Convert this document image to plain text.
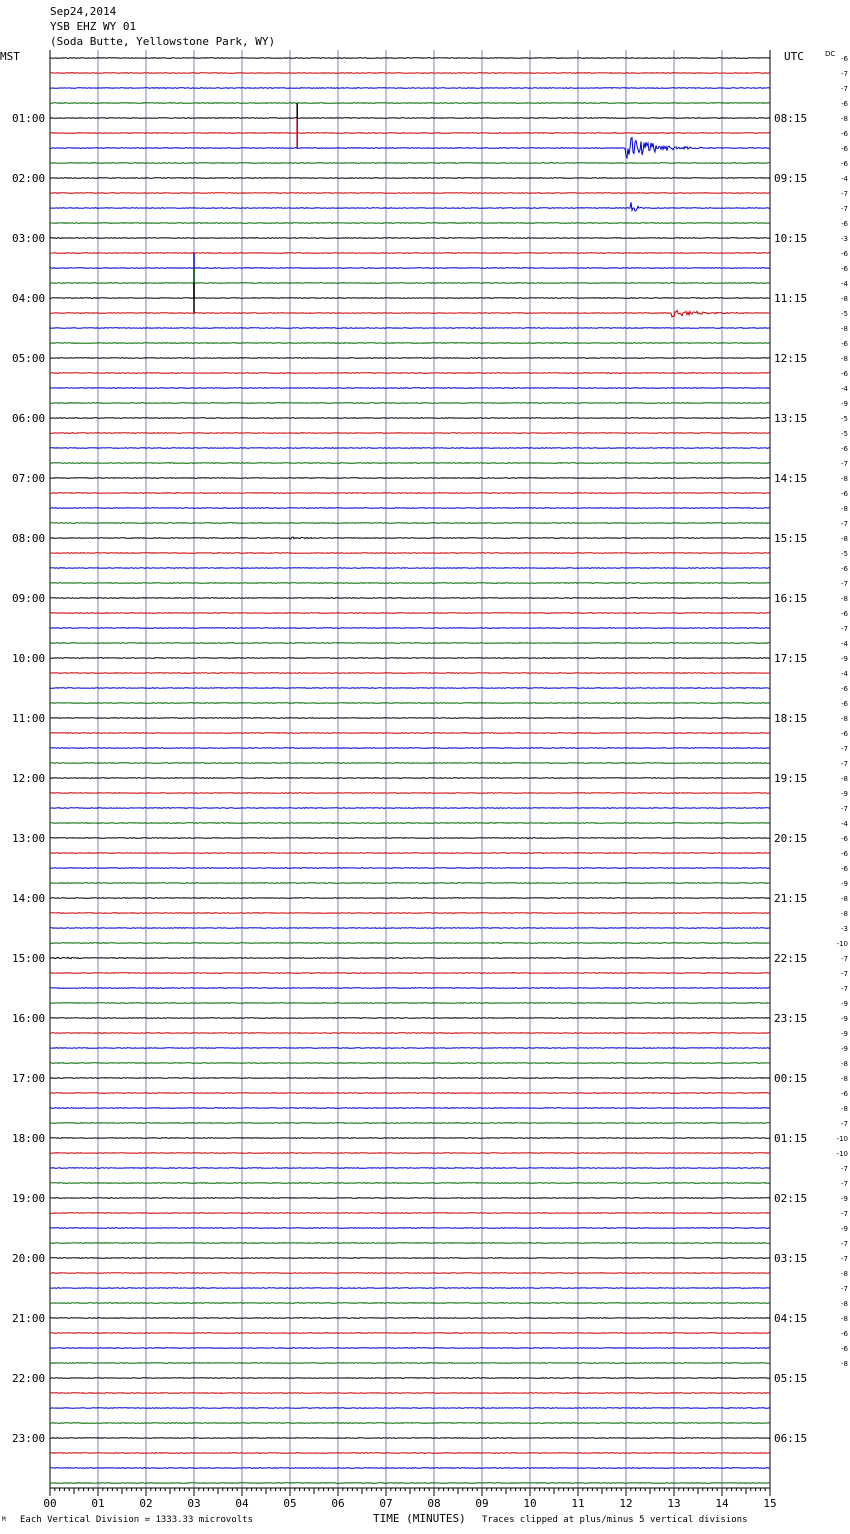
Sep24,2014
YSB EHZ WY 01
(Soda Butte, Yellowstone Park, WY)
MST	UTC	DC
01:00
02:00
03:00
04:00
05:00
06:00
07:00
08:00
09:00
10:00
11:00
12:00
13:00
14:00
15:00
16:00
17:00
18:00
19:00
20:00
21:00
22:00
23:00
08:15
09:15
10:15
11:15
12:15
13:15
14:15
15:15
16:15
17:15
18:15
19:15
20:15
21:15
22:15
23:15
00:15
01:15
02:15
03:15
04:15
05:15
06:15
-6
-7
-7
-6
-8
-6
-6
-6
-4
-7
-7
-6
-3
-6
-6
-4
-8
-5
-8
-6
-8
-6
-4
-9
-5
-5
-6
-7
-8
-6
-8
-7
-8
-5
-6
-7
-8
-6
-7
-4
-9
-4
-6
-6
-8
-6
-7
-7
-8
-9
-7
-4
-6
-6
-6
-9
-8
-8
-3
-10
-7
-7
-7
-9
-9
-9
-9
-8
-8
-6
-8
-7
-10
-10
-7
-7
-9
-7
-9
-7
-7
-8
-7
-8
-8
-6
-6
-8
00	01	02	03	04	05	06	07	08	09	10	11	12	13	14	15
M Each Vertical Division = 1333.33 microvolts	TIME (MINUTES) Traces clipped at plus/minus 5 vertical divisions
